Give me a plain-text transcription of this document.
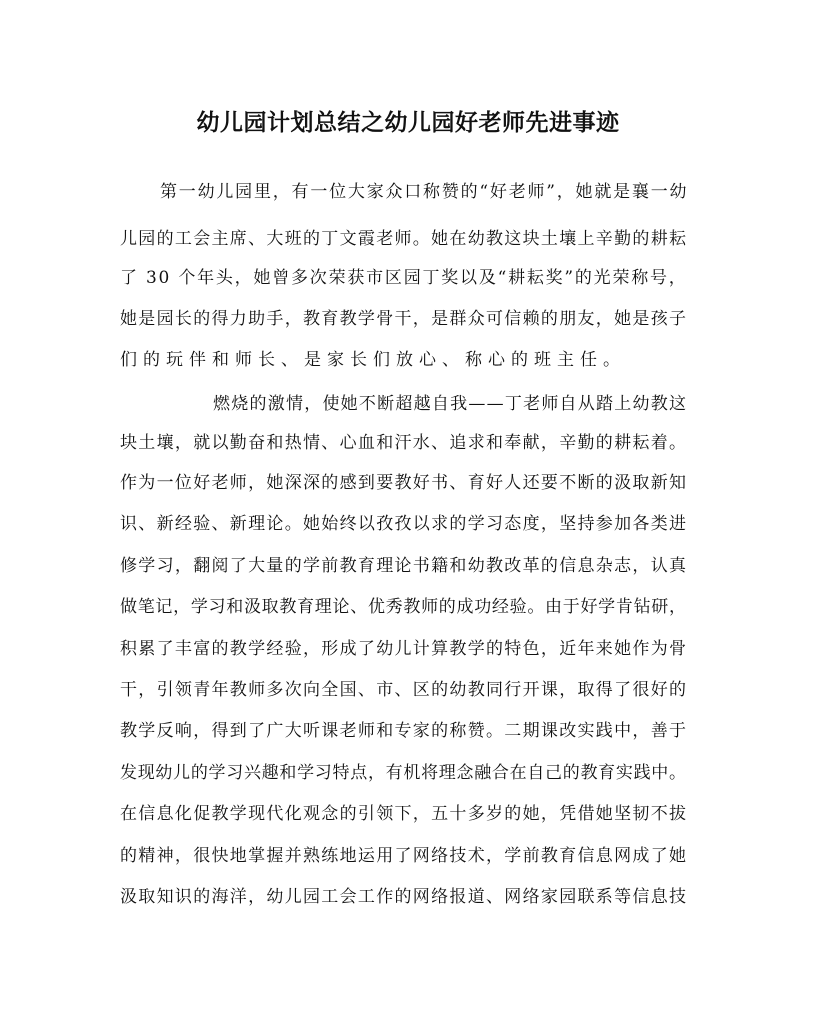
幼儿园计划总结之幼儿园好老师先进事迹

第一幼儿园里，有一位大家众口称赞的“好老师”，她就是襄一幼

儿园的工会主席、大班的丁文霞老师。她在幼教这块土壤上辛勤的耕耘

了 30 个年头，她曾多次荣获市区园丁奖以及“耕耘奖”的光荣称号，

她是园长的得力助手，教育教学骨干，是群众可信赖的朋友，她是孩子

们的玩伴和师长、是家长们放心、称心的班主任。

燃烧的激情，使她不断超越自我——丁老师自从踏上幼教这

块土壤，就以勤奋和热情、心血和汗水、追求和奉献，辛勤的耕耘着。

作为一位好老师，她深深的感到要教好书、育好人还要不断的汲取新知

识、新经验、新理论。她始终以孜孜以求的学习态度，坚持参加各类进

修学习，翻阅了大量的学前教育理论书籍和幼教改革的信息杂志，认真

做笔记，学习和汲取教育理论、优秀教师的成功经验。由于好学肯钻研，

积累了丰富的教学经验，形成了幼儿计算教学的特色，近年来她作为骨

干，引领青年教师多次向全国、市、区的幼教同行开课，取得了很好的

教学反响，得到了广大听课老师和专家的称赞。二期课改实践中，善于

发现幼儿的学习兴趣和学习特点，有机将理念融合在自己的教育实践中。

在信息化促教学现代化观念的引领下，五十多岁的她，凭借她坚韧不拔

的精神，很快地掌握并熟练地运用了网络技术，学前教育信息网成了她

汲取知识的海洋，幼儿园工会工作的网络报道、网络家园联系等信息技
